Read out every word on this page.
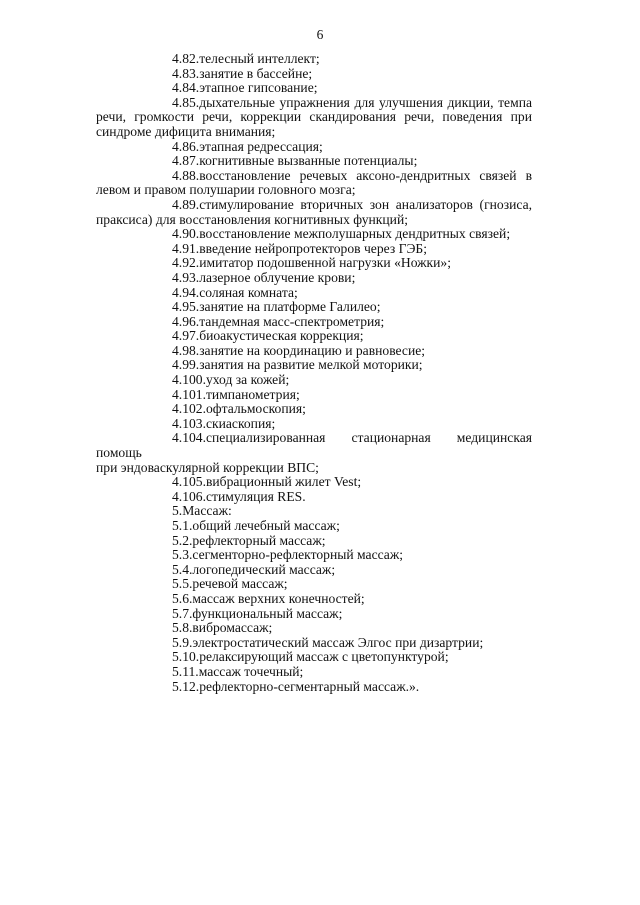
6

4.82.телесный интеллект;

4.83.занятие в бассейне;

4.84.этапное гипсование;

4.85.дыхательные упражнения для улучшения дикции, темпа речи, громкости речи, коррекции скандирования речи, поведения при синдроме дифицита внимания;

4.86.этапная редрессация;

4.87.когнитивные вызванные потенциалы;

4.88.восстановление речевых аксоно-дендритных связей в левом и правом полушарии головного мозга;

4.89.стимулирование вторичных зон анализаторов (гнозиса, праксиса) для восстановления когнитивных функций;

4.90.восстановление межполушарных дендритных связей;

4.91.введение нейропротекторов через ГЭБ;

4.92.имитатор подошвенной нагрузки «Ножки»;

4.93.лазерное облучение крови;

4.94.соляная комната;

4.95.занятие на платформе Галилео;

4.96.тандемная масс-спектрометрия;

4.97.биоакустическая коррекция;

4.98.занятие на координацию и равновесие;

4.99.занятия на развитие мелкой моторики;

4.100.уход за кожей;

4.101.тимпанометрия;

4.102.офтальмоскопия;

4.103.скиаскопия;

4.104.специализированная стационарная медицинская помощь

при эндоваскулярной коррекции ВПС;

4.105.вибрационный жилет Vest;

4.106.стимуляция RES.

5.Массаж:

5.1.общий лечебный массаж;

5.2.рефлекторный массаж;

5.3.сегменторно-рефлекторный массаж;

5.4.логопедический массаж;

5.5.речевой массаж;

5.6.массаж верхних конечностей;

5.7.функциональный массаж;

5.8.вибромассаж;

5.9.электростатический массаж Элгос при дизартрии;

5.10.релаксирующий массаж с цветопунктурой;

5.11.массаж точечный;

5.12.рефлекторно-сегментарный массаж.».
